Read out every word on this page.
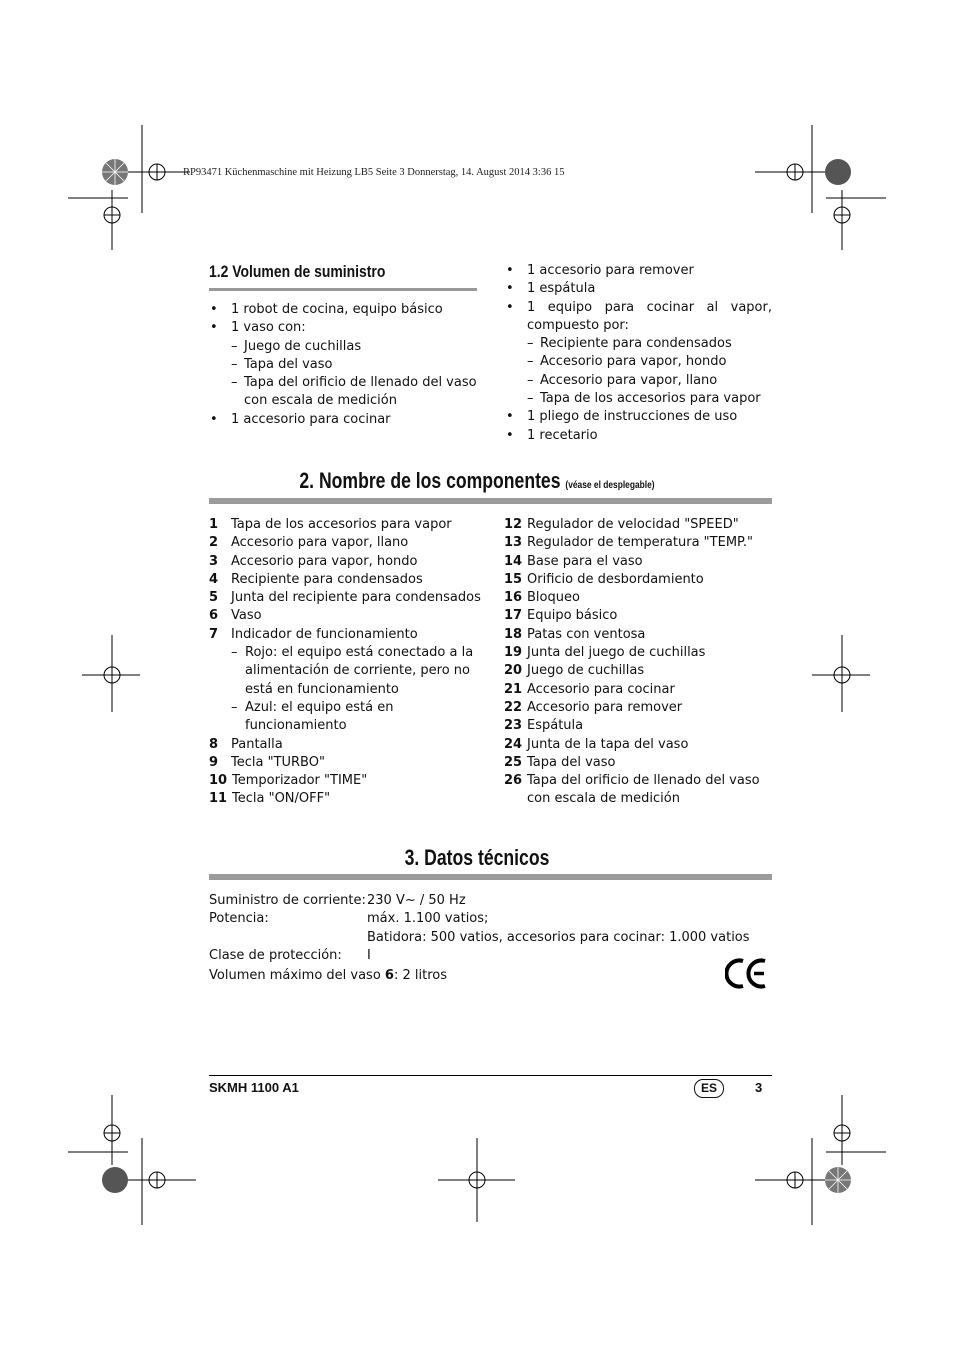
RP93471 Küchenmaschine mit Heizung LB5 Seite 3 Donnerstag, 14. August 2014 3:36 15
1.2 Volumen de suministro
• 1 robot de cocina, equipo básico
• 1 vaso con:
– Juego de cuchillas
– Tapa del vaso
– Tapa del orificio de llenado del vaso
con escala de medición
• 1 accesorio para cocinar
• 1 accesorio para remover
• 1 espátula
• 1 equipo para cocinar al vapor,
compuesto por:
– Recipiente para condensados
– Accesorio para vapor, hondo
– Accesorio para vapor, llano
– Tapa de los accesorios para vapor
• 1 pliego de instrucciones de uso
• 1 recetario
2. Nombre de los componentes (véase el desplegable)
1 Tapa de los accesorios para vapor
2 Accesorio para vapor, llano
3 Accesorio para vapor, hondo
4 Recipiente para condensados
5 Junta del recipiente para condensados
6 Vaso
7 Indicador de funcionamiento
– Rojo: el equipo está conectado a la
alimentación de corriente, pero no
está en funcionamiento
– Azul: el equipo está en
funcionamiento
8 Pantalla
9 Tecla "TURBO"
10 Temporizador "TIME"
11 Tecla "ON/OFF"
12 Regulador de velocidad "SPEED"
13 Regulador de temperatura "TEMP."
14 Base para el vaso
15 Orificio de desbordamiento
16 Bloqueo
17 Equipo básico
18 Patas con ventosa
19 Junta del juego de cuchillas
20 Juego de cuchillas
21 Accesorio para cocinar
22 Accesorio para remover
23 Espátula
24 Junta de la tapa del vaso
25 Tapa del vaso
26 Tapa del orificio de llenado del vaso
con escala de medición
3. Datos técnicos
Suministro de corriente:230 V~ / 50 Hz
Potencia:	máx. 1.100 vatios;
Batidora: 500 vatios, accesorios para cocinar: 1.000 vatios
Clase de protección: I
Volumen máximo del vaso 6: 2 litros
SKMH 1100 A1	ES	3
